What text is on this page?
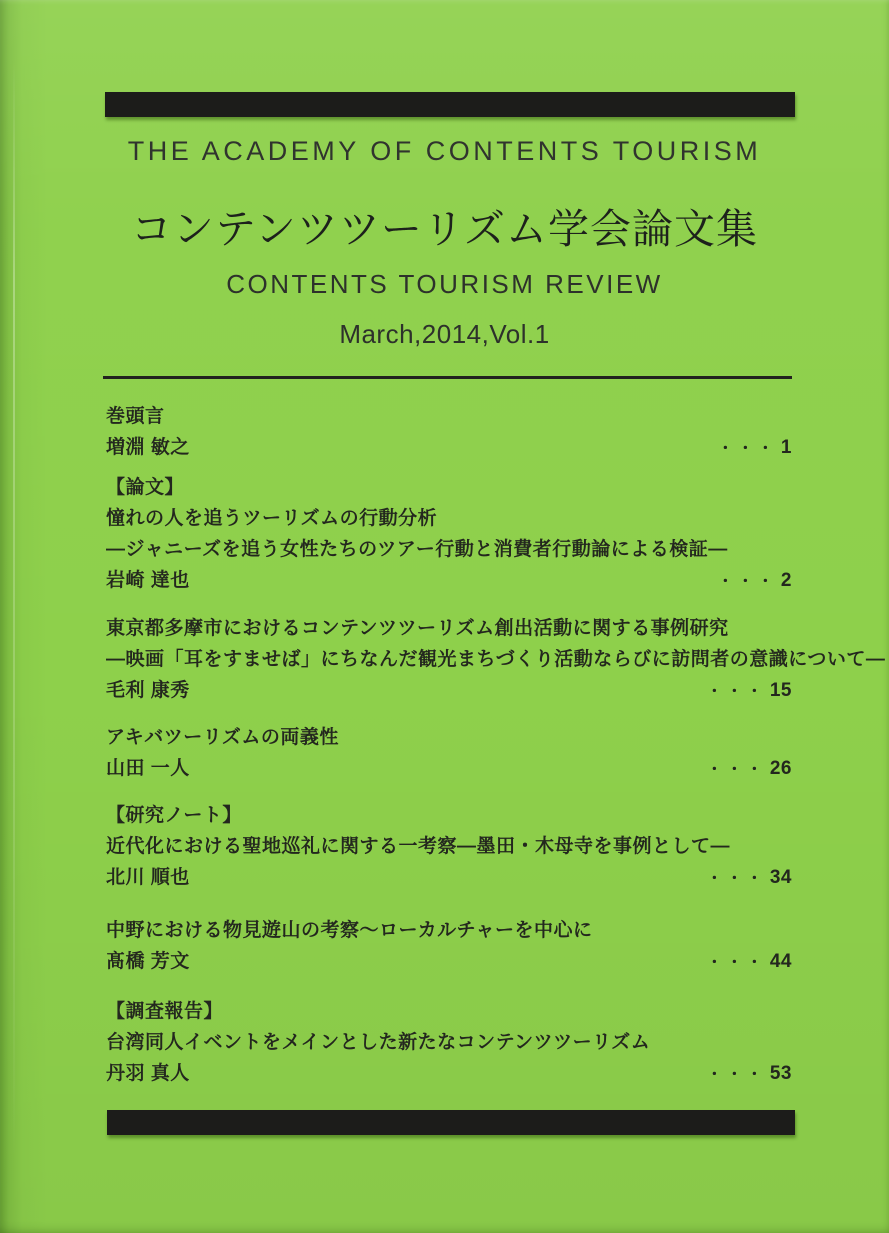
THE ACADEMY OF CONTENTS TOURISM
コンテンツツーリズム学会論文集
CONTENTS TOURISM REVIEW
March,2014,Vol.1
巻頭言
増淵 敏之	・・・ 1
【論文】
憧れの人を追うツーリズムの行動分析
—ジャニーズを追う女性たちのツアー行動と消費者行動論による検証—
岩崎 達也	・・・ 2
東京都多摩市におけるコンテンツツーリズム創出活動に関する事例研究
—映画「耳をすませば」にちなんだ観光まちづくり活動ならびに訪問者の意識について—
毛利 康秀	・・・ 15
アキバツーリズムの両義性
山田 一人	・・・ 26
【研究ノート】
近代化における聖地巡礼に関する一考察—墨田・木母寺を事例として—
北川 順也	・・・ 34
中野における物見遊山の考察～ローカルチャーを中心に
髙橋 芳文	・・・ 44
【調査報告】
台湾同人イベントをメインとした新たなコンテンツツーリズム
丹羽 真人	・・・ 53
